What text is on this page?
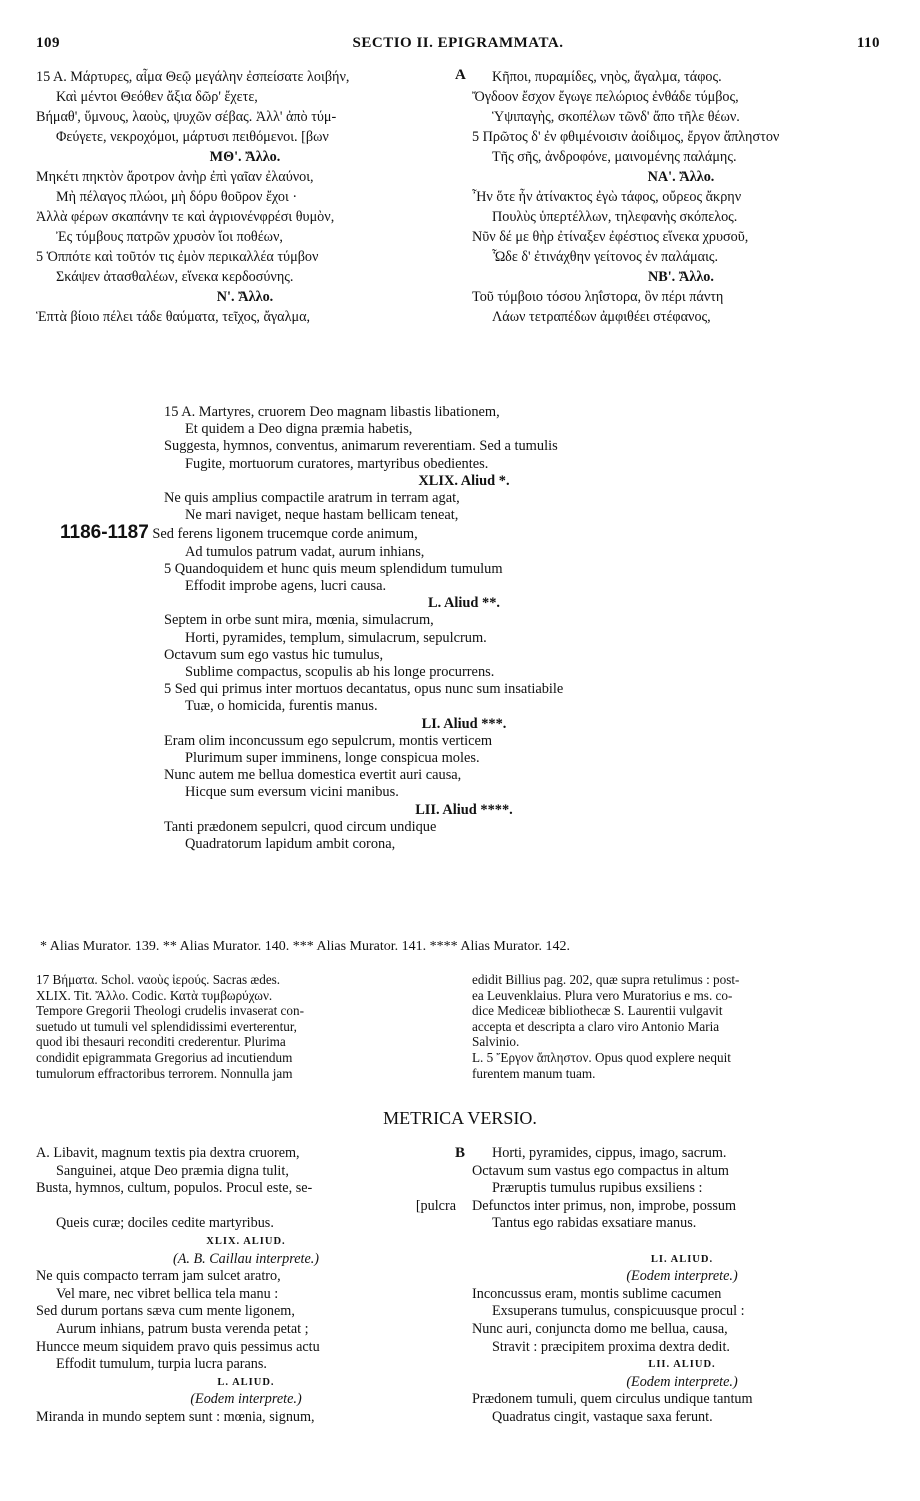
109	SECTIO II. EPIGRAMMATA.	110
15 Α. Μάρτυρες, αἷμα Θεῷ μεγάλην ἐσπείσατε λοιβήν,
Καὶ μέντοι Θεόθεν ἄξια δῶρ' ἔχετε,
Βήμαθ', ὕμνους, λαοὺς, ψυχῶν σέβας. Ἀλλ' ἀπὸ τύμ-
Φεύγετε, νεκροχόμοι, μάρτυσι πειθόμενοι. [βων
ΜΘ'. Ἄλλο.
Μηκέτι πηκτὸν ἄροτρον ἀνὴρ ἐπὶ γαῖαν ἐλαύνοι,
Μὴ πέλαγος πλώοι, μὴ δόρυ θοῦρον ἔχοι ·
Ἀλλὰ φέρων σκαπάνην τε καὶ ἀγριονένφρέσι θυμὸν,
Ἐς τύμβους πατρῶν χρυσὸν ἴοι ποθέων,
5 Ὁππότε καὶ τοῦτόν τις ἐμὸν περικαλλέα τύμβον
Σκάψεν ἀτασθαλέων, εἵνεκα κερδοσύνης.
Ν'. Ἄλλο.
Ἑπτὰ βίοιο πέλει τάδε θαύματα, τεῖχος, ἄγαλμα,
A	Κῆποι, πυραμίδες, νηὸς, ἄγαλμα, τάφος.
Ὄγδοον ἔσχον ἔγωγε πελώριος ἐνθάδε τύμβος,
Ὑψιπαγὴς, σκοπέλων τῶνδ' ἄπο τῆλε θέων.
5 Πρῶτος δ' ἐν φθιμένοισιν ἀοίδιμος, ἔργον ἄπληστον
Τῆς σῆς, ἀνδροφόνε, μαινομένης παλάμης.
ΝΑ'. Ἄλλο.
Ἦν ὅτε ἦν ἀτίνακτος ἐγὼ τάφος, οὔρεος ἄκρην
Πουλὺς ὑπερτέλλων, τηλεφανὴς σκόπελος.
Νῦν δέ με θὴρ ἐτίναξεν ἐφέστιος εἵνεκα χρυσοῦ,
Ὧδε δ' ἐτινάχθην γείτονος ἐν παλάμαις.
ΝΒ'. Ἄλλο.
Τοῦ τύμβοιο τόσου ληΐστορα, ὃν πέρι πάντη
Λάων τετραπέδων ἀμφιθέει στέφανος,
15 A. Martyres, cruorem Deo magnam libastis libationem,
Et quidem a Deo digna præmia habetis,
Suggesta, hymnos, conventus, animarum reverentiam. Sed a tumulis
Fugite, mortuorum curatores, martyribus obedientes.
XLIX. Aliud *.
Ne quis amplius compactile aratrum in terram agat,
Ne mari naviget, neque hastam bellicam teneat,
1186-1187 Sed ferens ligonem trucemque corde animum,
Ad tumulos patrum vadat, aurum inhians,
5 Quandoquidem et hunc quis meum splendidum tumulum
Effodit improbe agens, lucri causa.
L. Aliud **.
Septem in orbe sunt mira, mœnia, simulacrum,
Horti, pyramides, templum, simulacrum, sepulcrum.
Octavum sum ego vastus hic tumulus,
Sublime compactus, scopulis ab his longe procurrens.
5 Sed qui primus inter mortuos decantatus, opus nunc sum insatiabile
Tuæ, o homicida, furentis manus.
LI. Aliud ***.
Eram olim inconcussum ego sepulcrum, montis verticem
Plurimum super imminens, longe conspicua moles.
Nunc autem me bellua domestica evertit auri causa,
Hicque sum eversum vicini manibus.
LII. Aliud ****.
Tanti prædonem sepulcri, quod circum undique
Quadratorum lapidum ambit corona,
* Alias Murator. 139. ** Alias Murator. 140. *** Alias Murator. 141. **** Alias Murator. 142.
17 Βήματα. Schol. ναοὺς ἱερούς. Sacras ædes.
XLIX. Tit. Ἄλλο. Codic. Κατὰ τυμβωρύχων.
Tempore Gregorii Theologi crudelis invaserat con-
suetudo ut tumuli vel splendidissimi everterentur,
quod ibi thesauri reconditi crederentur. Plurima
condidit epigrammata Gregorius ad incutiendum
tumulorum effractoribus terrorem. Nonnulla jam
edidit Billius pag. 202, quæ supra retulimus : post-
ea Leuvenklaius. Plura vero Muratorius e ms. co-
dice Mediceæ bibliothecæ S. Laurentii vulgavit
accepta et descripta a claro viro Antonio Maria
Salvinio.
L. 5 Ἔργον ἄπληστον. Opus quod explere nequit
furentem manum tuam.
METRICA VERSIO.
A. Libavit, magnum textis pia dextra cruorem,
Sanguinei, atque Deo præmia digna tulit,
Busta, hymnos, cultum, populos. Procul este, se-
[pulcra
Queis curæ; dociles cedite martyribus.
XLIX. ALIUD.
(A. B. Caillau interprete.)
Ne quis compacto terram jam sulcet aratro,
Vel mare, nec vibret bellica tela manu :
Sed durum portans sæva cum mente ligonem,
Aurum inhians, patrum busta verenda petat ;
Huncce meum siquidem pravo quis pessimus actu
Effodit tumulum, turpia lucra parans.
L. ALIUD.
(Eodem interprete.)
Miranda in mundo septem sunt : mœnia, signum,
B	Horti, pyramides, cippus, imago, sacrum.
Octavum sum vastus ego compactus in altum
Præruptis tumulus rupibus exsiliens :
Defunctos inter primus, non, improbe, possum
Tantus ego rabidas exsatiare manus.
LI. ALIUD.
(Eodem interprete.)
Inconcussus eram, montis sublime cacumen
Exsuperans tumulus, conspicuusque procul :
Nunc auri, conjuncta domo me bellua, causa,
Stravit : præcipitem proxima dextra dedit.
LII. ALIUD.
(Eodem interprete.)
Prædonem tumuli, quem circulus undique tantum
Quadratus cingit, vastaque saxa ferunt.
